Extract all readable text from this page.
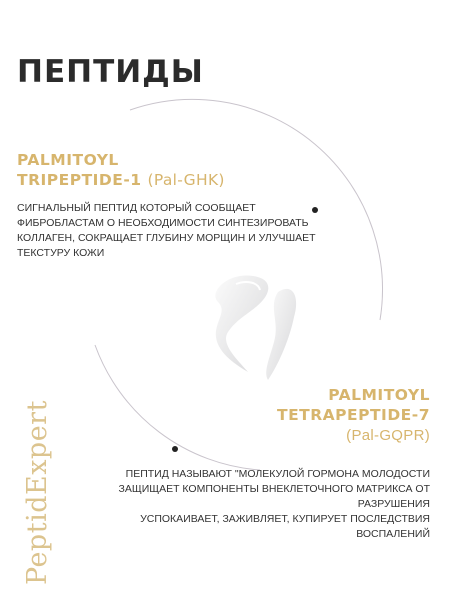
ПЕПТИДЫ
PALMITOYL
TRIPEPTIDE-1 (Pal-GHK)
СИГНАЛЬНЫЙ ПЕПТИД КОТОРЫЙ СООБЩАЕТ ФИБРОБЛАСТАМ О НЕОБХОДИМОСТИ СИНТЕЗИРОВАТЬ КОЛЛАГЕН, СОКРАЩАЕТ ГЛУБИНУ МОРЩИН И УЛУЧШАЕТ ТЕКСТУРУ КОЖИ
PALMITOYL
TETRAPEPTIDE-7
(Pal-GQPR)
ПЕПТИД НАЗЫВАЮТ "МОЛЕКУЛОЙ ГОРМОНА МОЛОДОСТИ
ЗАЩИЩАЕТ КОМПОНЕНТЫ ВНЕКЛЕТОЧНОГО МАТРИКСА ОТ РАЗРУШЕНИЯ
УСПОКАИВАЕТ, ЗАЖИВЛЯЕТ, КУПИРУЕТ ПОСЛЕДСТВИЯ ВОСПАЛЕНИЙ
PeptidExpert
